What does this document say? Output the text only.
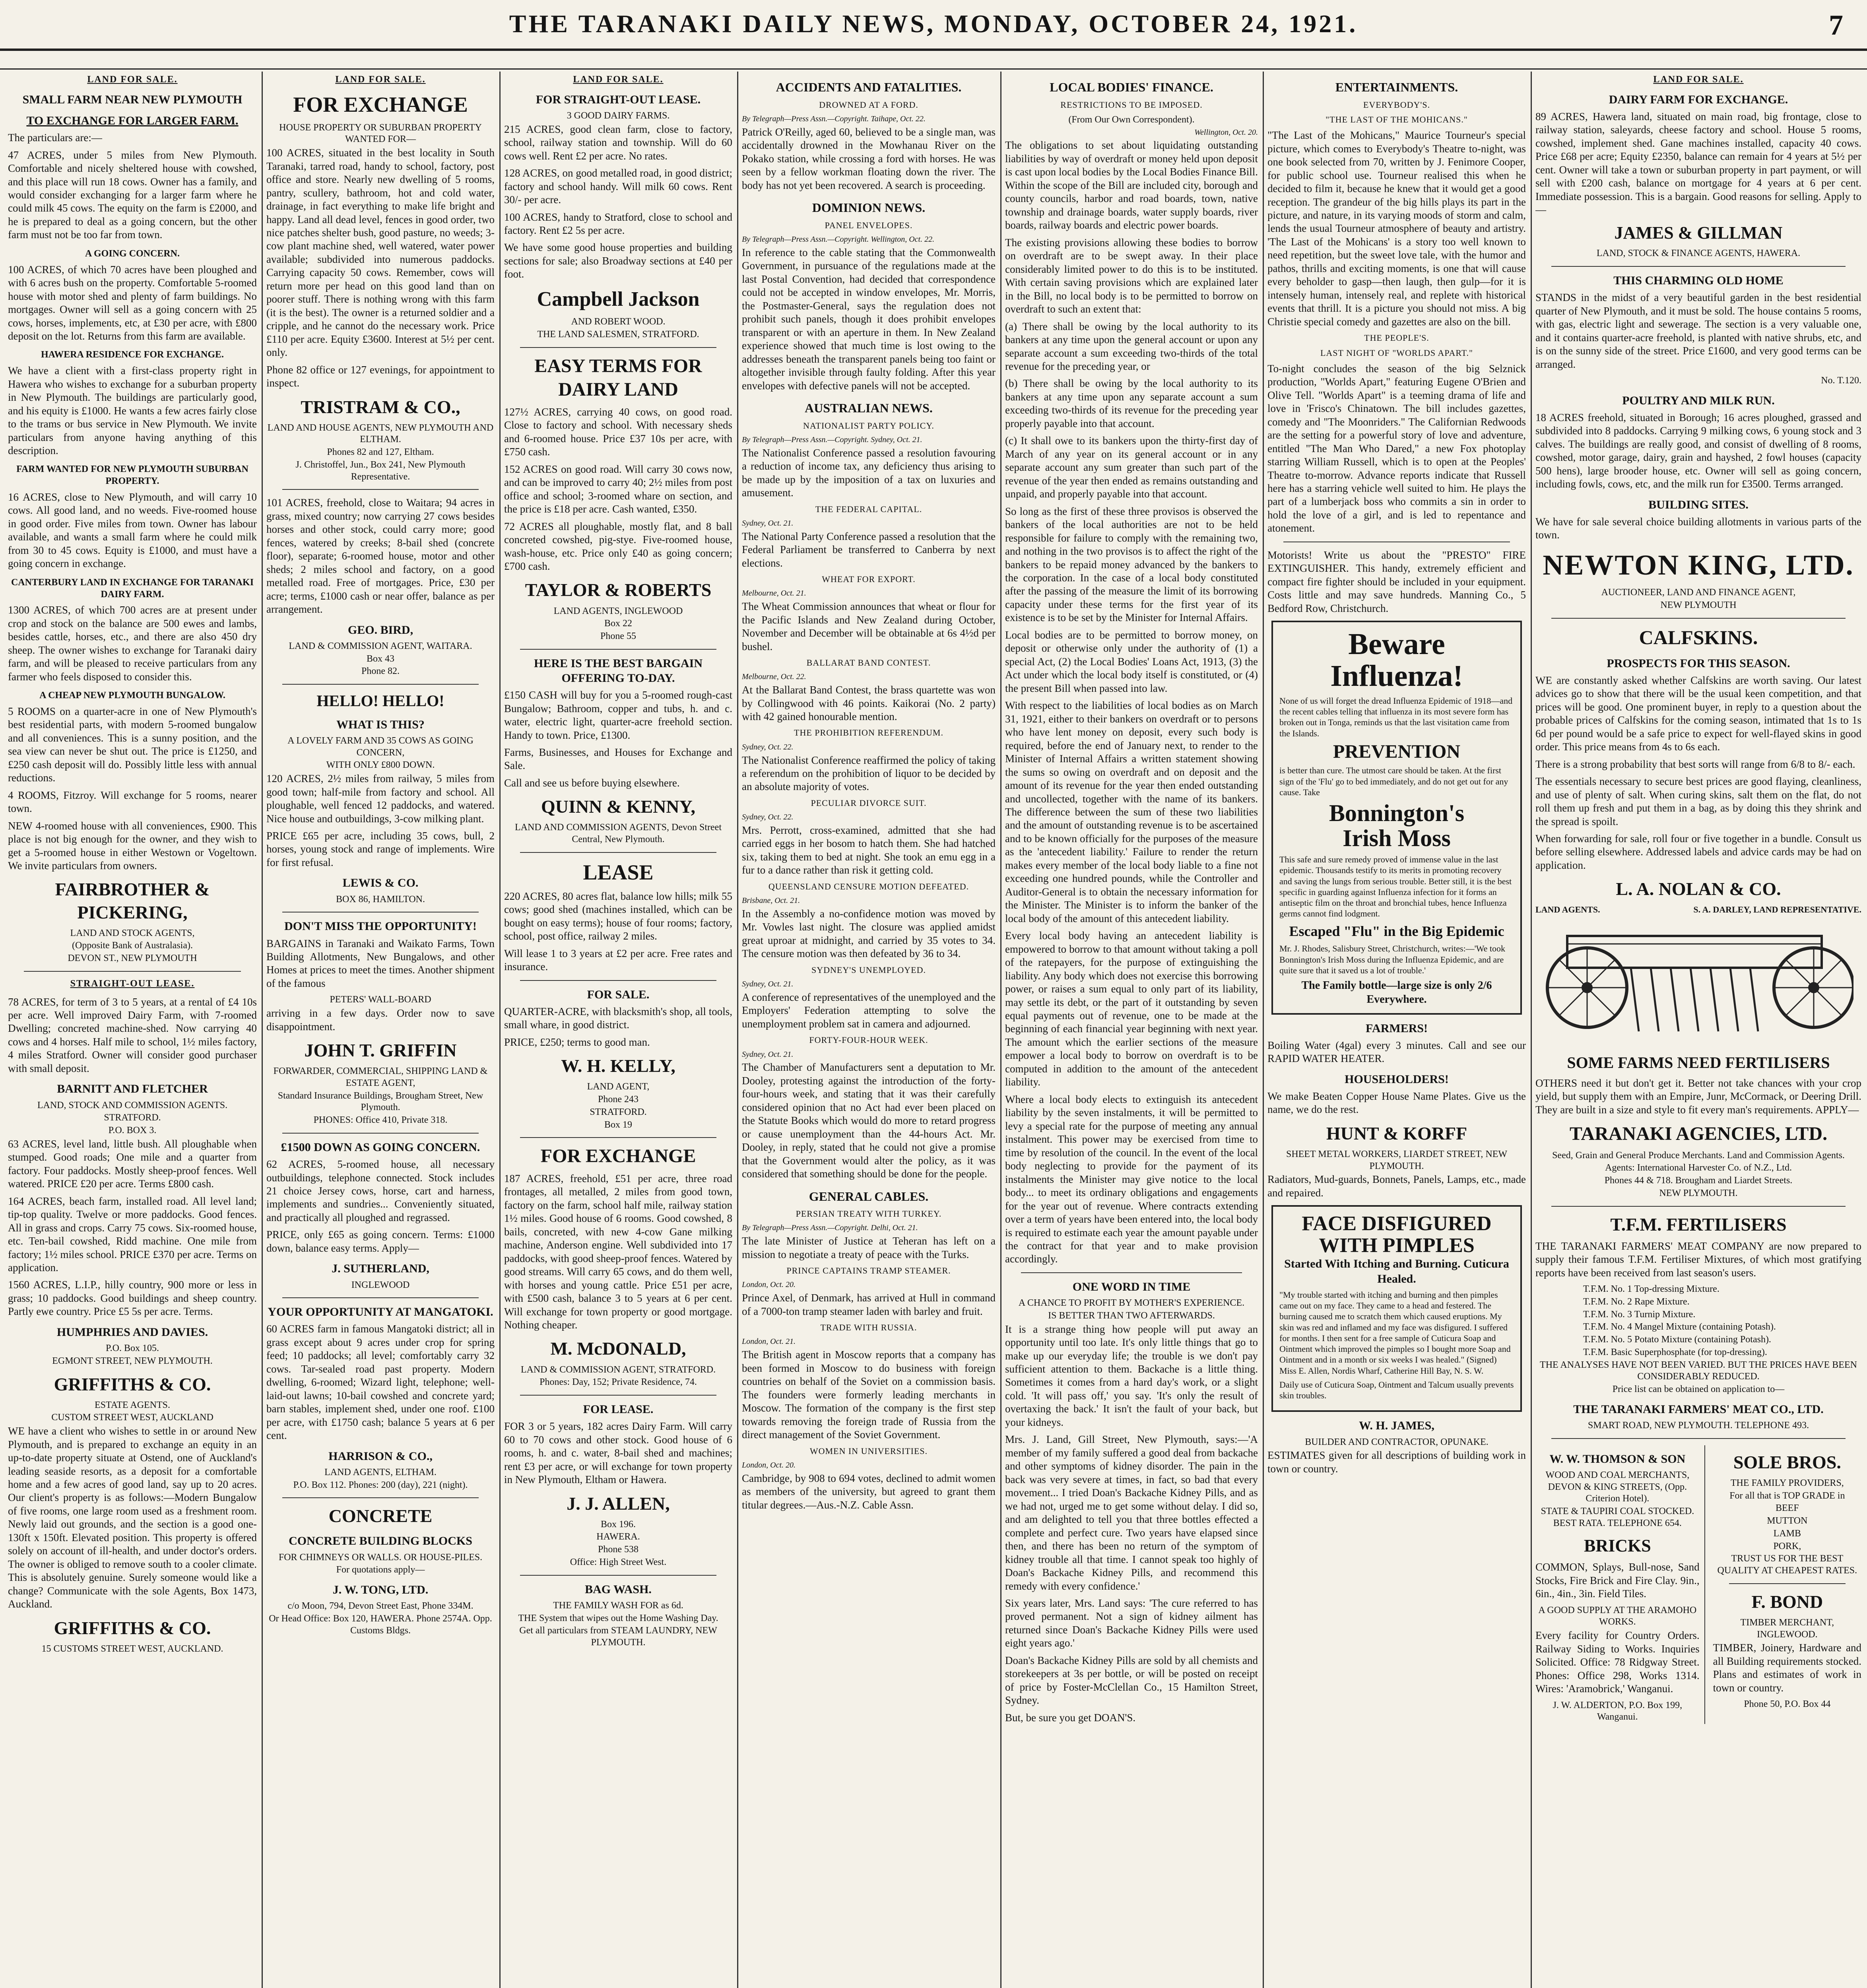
THE TARANAKI DAILY NEWS, MONDAY, OCTOBER 24, 1921.	7
LAND FOR SALE.
SMALL FARM NEAR NEW PLYMOUTH
TO EXCHANGE FOR LARGER FARM.

The particulars are:—

47 ACRES, under 5 miles from New Plymouth. Comfortable and nicely sheltered house with cowshed, and this place will run 18 cows. Owner has a family, and would consider exchanging for a larger farm where he could milk 45 cows. The equity on the farm is £2000, and he is prepared to deal as a going concern, but the other farm must not be too far from town.

A GOING CONCERN.

100 ACRES, of which 70 acres have been ploughed and with 6 acres bush on the property. Comfortable 5-roomed house with motor shed and plenty of farm buildings. No mortgages. Owner will sell as a going concern with 25 cows, horses, implements, etc, at £30 per acre, with £800 deposit on the lot. Returns from this farm are available.

HAWERA RESIDENCE FOR EXCHANGE.

We have a client with a first-class property right in Hawera who wishes to exchange for a suburban property in New Plymouth. The buildings are particularly good, and his equity is £1000. He wants a few acres fairly close to the trams or bus service in New Plymouth. We invite particulars from anyone having anything of this description.

FARM WANTED FOR NEW PLYMOUTH SUBURBAN PROPERTY.

16 ACRES, close to New Plymouth, and will carry 10 cows. All good land, and no weeds. Five-roomed house in good order. Five miles from town. Owner has labour available, and wants a small farm where he could milk from 30 to 45 cows. Equity is £1000, and must have a going concern in exchange.

CANTERBURY LAND IN EXCHANGE FOR TARANAKI DAIRY FARM.

1300 ACRES, of which 700 acres are at present under crop and stock on the balance are 500 ewes and lambs, besides cattle, horses, etc., and there are also 450 dry sheep. The owner wishes to exchange for Taranaki dairy farm, and will be pleased to receive particulars from any farmer who feels disposed to consider this.

A CHEAP NEW PLYMOUTH BUNGALOW.

5 ROOMS on a quarter-acre in one of New Plymouth's best residential parts, with modern 5-roomed bungalow and all conveniences. This is a sunny position, and the sea view can never be shut out. The price is £1250, and £250 cash deposit will do. Possibly little less with annual reductions.

4 ROOMS, Fitzroy. Will exchange for 5 rooms, nearer town.

NEW 4-roomed house with all conveniences, £900. This place is not big enough for the owner, and they wish to get a 5-roomed house in either Westown or Vogeltown. We invite particulars from owners.

FAIRBROTHER & PICKERING,
LAND AND STOCK AGENTS,
(Opposite Bank of Australasia).
DEVON ST., NEW PLYMOUTH
STRAIGHT-OUT LEASE.

78 ACRES, for term of 3 to 5 years, at a rental of £4 10s per acre. Well improved Dairy Farm, with 7-roomed Dwelling; concreted machine-shed. Now carrying 40 cows and 4 horses. Half mile to school, 1½ miles factory, 4 miles Stratford. Owner will consider good purchaser with small deposit.

BARNITT AND FLETCHER
LAND, STOCK AND COMMISSION AGENTS.
STRATFORD.
P.O. BOX 3.

63 ACRES, level land, little bush. All ploughable when stumped. Good roads; One mile and a quarter from factory. Four paddocks. Mostly sheep-proof fences. Well watered. PRICE £20 per acre. Terms £800 cash.

164 ACRES, beach farm, installed road. All level land; tip-top quality. Twelve or more paddocks. Good fences. All in grass and crops. Carry 75 cows. Six-roomed house, etc. Ten-bail cowshed, Ridd machine. One mile from factory; 1½ miles school. PRICE £370 per acre. Terms on application.

1560 ACRES, L.I.P., hilly country, 900 more or less in grass; 10 paddocks. Good buildings and sheep country. Partly ewe country. Price £5 5s per acre. Terms.

HUMPHRIES AND DAVIES.
P.O. Box 105.
EGMONT STREET, NEW PLYMOUTH.
GRIFFITHS & CO.
ESTATE AGENTS.
CUSTOM STREET WEST, AUCKLAND

WE have a client who wishes to settle in or around New Plymouth, and is prepared to exchange an equity in an up-to-date property situate at Ostend, one of Auckland's leading seaside resorts, as a deposit for a comfortable home and a few acres of good land, say up to 20 acres. Our client's property is as follows:—Modern Bungalow of five rooms, one large room used as a freshment room. Newly laid out grounds, and the section is a good one-130ft x 150ft. Elevated position. This property is offered solely on account of ill-health, and under doctor's orders. The owner is obliged to remove south to a cooler climate. This is absolutely genuine. Surely someone would like a change? Communicate with the sole Agents, Box 1473, Auckland.

GRIFFITHS & CO.
15 CUSTOMS STREET WEST, AUCKLAND.
LAND FOR SALE.
FOR EXCHANGE
HOUSE PROPERTY OR SUBURBAN PROPERTY WANTED FOR—

100 ACRES, situated in the best locality in South Taranaki, tarred road, handy to school, factory, post office and store. Nearly new dwelling of 5 rooms, pantry, scullery, bathroom, hot and cold water, drainage, in fact everything to make life bright and happy. Land all dead level, fences in good order, two nice patches shelter bush, good pasture, no weeds; 3-cow plant machine shed, well watered, water power available; subdivided into numerous paddocks. Carrying capacity 50 cows. Remember, cows will return more per head on this good land than on poorer stuff. There is nothing wrong with this farm (it is the best). The owner is a returned soldier and a cripple, and he cannot do the necessary work. Price £110 per acre. Equity £3600. Interest at 5½ per cent. only.

Phone 82 office or 127 evenings, for appointment to inspect.

TRISTRAM & CO.,
LAND AND HOUSE AGENTS, NEW PLYMOUTH AND ELTHAM.
Phones 82 and 127, Eltham.
J. Christoffel, Jun., Box 241, New Plymouth Representative.

101 ACRES, freehold, close to Waitara; 94 acres in grass, mixed country; now carrying 27 cows besides horses and other stock, could carry more; good fences, watered by creeks; 8-bail shed (concrete floor), separate; 6-roomed house, motor and other sheds; 2 miles school and factory, on a good metalled road. Free of mortgages. Price, £30 per acre; terms, £1000 cash or near offer, balance as per arrangement.

GEO. BIRD,
LAND & COMMISSION AGENT, WAITARA.
Box 43
Phone 82.
HELLO! HELLO!
WHAT IS THIS?
A LOVELY FARM AND 35 COWS AS GOING CONCERN,
WITH ONLY £800 DOWN.

120 ACRES, 2½ miles from railway, 5 miles from good town; half-mile from factory and school. All ploughable, well fenced 12 paddocks, and watered. Nice house and outbuildings, 3-cow milking plant.

PRICE £65 per acre, including 35 cows, bull, 2 horses, young stock and range of implements. Wire for first refusal.

LEWIS & CO.
BOX 86, HAMILTON.
DON'T MISS THE OPPORTUNITY!

BARGAINS in Taranaki and Waikato Farms, Town Building Allotments, New Bungalows, and other Homes at prices to meet the times. Another shipment of the famous

PETERS' WALL-BOARD

arriving in a few days. Order now to save disappointment.

JOHN T. GRIFFIN
FORWARDER, COMMERCIAL, SHIPPING LAND & ESTATE AGENT,
Standard Insurance Buildings, Brougham Street, New Plymouth.
PHONES: Office 410, Private 318.
£1500 DOWN AS GOING CONCERN.

62 ACRES, 5-roomed house, all necessary outbuildings, telephone connected. Stock includes 21 choice Jersey cows, horse, cart and harness, implements and sundries... Conveniently situated, and practically all ploughed and regrassed.

PRICE, only £65 as going concern. Terms: £1000 down, balance easy terms. Apply—

J. SUTHERLAND,
INGLEWOOD
YOUR OPPORTUNITY AT MANGATOKI.

60 ACRES farm in famous Mangatoki district; all in grass except about 9 acres under crop for spring feed; 10 paddocks; all level; comfortably carry 32 cows. Tar-sealed road past property. Modern dwelling, 6-roomed; Wizard light, telephone; well-laid-out lawns; 10-bail cowshed and concrete yard; barn stables, implement shed, under one roof. £100 per acre, with £1750 cash; balance 5 years at 6 per cent.

HARRISON & CO.,
LAND AGENTS, ELTHAM.
P.O. Box 112. Phones: 200 (day), 221 (night).
CONCRETE
CONCRETE BUILDING BLOCKS
FOR CHIMNEYS OR WALLS. OR HOUSE-PILES.
For quotations apply—
J. W. TONG, LTD.
c/o Moon, 794, Devon Street East, Phone 334M.
Or Head Office: Box 120, HAWERA. Phone 2574A. Opp. Customs Bldgs.
LAND FOR SALE.
FOR STRAIGHT-OUT LEASE.
3 GOOD DAIRY FARMS.

215 ACRES, good clean farm, close to factory, school, railway station and township. Will do 60 cows well. Rent £2 per acre. No rates.

128 ACRES, on good metalled road, in good district; factory and school handy. Will milk 60 cows. Rent 30/- per acre.

100 ACRES, handy to Stratford, close to school and factory. Rent £2 5s per acre.

We have some good house properties and building sections for sale; also Broadway sections at £40 per foot.

Campbell Jackson
AND ROBERT WOOD.
THE LAND SALESMEN, STRATFORD.
EASY TERMS FOR DAIRY LAND

127½ ACRES, carrying 40 cows, on good road. Close to factory and school. With necessary sheds and 6-roomed house. Price £37 10s per acre, with £750 cash.

152 ACRES on good road. Will carry 30 cows now, and can be improved to carry 40; 2½ miles from post office and school; 3-roomed whare on section, and the price is £18 per acre. Cash wanted, £350.

72 ACRES all ploughable, mostly flat, and 8 ball concreted cowshed, pig-stye. Five-roomed house, wash-house, etc. Price only £40 as going concern; £700 cash.

TAYLOR & ROBERTS
LAND AGENTS, INGLEWOOD
Box 22
Phone 55
HERE IS THE BEST BARGAIN OFFERING TO-DAY.

£150 CASH will buy for you a 5-roomed rough-cast Bungalow; Bathroom, copper and tubs, h. and c. water, electric light, quarter-acre freehold section. Handy to town. Price, £1300.

Farms, Businesses, and Houses for Exchange and Sale.

Call and see us before buying elsewhere.

QUINN & KENNY,
LAND AND COMMISSION AGENTS, Devon Street Central, New Plymouth.
LEASE

220 ACRES, 80 acres flat, balance low hills; milk 55 cows; good shed (machines installed, which can be bought on easy terms); house of four rooms; factory, school, post office, railway 2 miles.

Will lease 1 to 3 years at £2 per acre. Free rates and insurance.

FOR SALE.

QUARTER-ACRE, with blacksmith's shop, all tools, small whare, in good district.

PRICE, £250; terms to good man.

W. H. KELLY,
LAND AGENT,
Phone 243
STRATFORD.
Box 19
FOR EXCHANGE

187 ACRES, freehold, £51 per acre, three road frontages, all metalled, 2 miles from good town, factory on the farm, school half mile, railway station 1½ miles. Good house of 6 rooms. Good cowshed, 8 bails, concreted, with new 4-cow Gane milking machine, Anderson engine. Well subdivided into 17 paddocks, with good sheep-proof fences. Watered by good streams. Will carry 65 cows, and do them well, with horses and young cattle. Price £51 per acre, with £500 cash, balance 3 to 5 years at 6 per cent. Will exchange for town property or good mortgage. Nothing cheaper.

M. McDONALD,
LAND & COMMISSION AGENT, STRATFORD.
Phones: Day, 152; Private Residence, 74.
FOR LEASE.

FOR 3 or 5 years, 182 acres Dairy Farm. Will carry 60 to 70 cows and other stock. Good house of 6 rooms, h. and c. water, 8-bail shed and machines; rent £3 per acre, or will exchange for town property in New Plymouth, Eltham or Hawera.

J. J. ALLEN,
Box 196.
HAWERA.
Phone 538
Office: High Street West.
BAG WASH.
THE FAMILY WASH FOR as 6d.
THE System that wipes out the Home Washing Day.
Get all particulars from STEAM LAUNDRY, NEW PLYMOUTH.
ACCIDENTS AND FATALITIES.
DROWNED AT A FORD.
By Telegraph—Press Assn.—Copyright. Taihape, Oct. 22.

Patrick O'Reilly, aged 60, believed to be a single man, was accidentally drowned in the Mowhanau River on the Pokako station, while crossing a ford with horses. He was seen by a fellow workman floating down the river. The body has not yet been recovered. A search is proceeding.

DOMINION NEWS.
PANEL ENVELOPES.
By Telegraph—Press Assn.—Copyright. Wellington, Oct. 22.

In reference to the cable stating that the Commonwealth Government, in pursuance of the regulations made at the last Postal Convention, had decided that correspondence could not be accepted in window envelopes, Mr. Morris, the Postmaster-General, says the regulation does not prohibit such panels, though it does prohibit envelopes transparent or with an aperture in them. In New Zealand experience showed that much time is lost owing to the addresses beneath the transparent panels being too faint or altogether invisible through faulty folding. After this year envelopes with defective panels will not be accepted.

AUSTRALIAN NEWS.
NATIONALIST PARTY POLICY.
By Telegraph—Press Assn.—Copyright. Sydney, Oct. 21.

The Nationalist Conference passed a resolution favouring a reduction of income tax, any deficiency thus arising to be made up by the imposition of a tax on luxuries and amusement.

THE FEDERAL CAPITAL.
Sydney, Oct. 21.

The National Party Conference passed a resolution that the Federal Parliament be transferred to Canberra by next elections.

WHEAT FOR EXPORT.
Melbourne, Oct. 21.

The Wheat Commission announces that wheat or flour for the Pacific Islands and New Zealand during October, November and December will be obtainable at 6s 4½d per bushel.

BALLARAT BAND CONTEST.
Melbourne, Oct. 22.

At the Ballarat Band Contest, the brass quartette was won by Collingwood with 46 points. Kaikorai (No. 2 party) with 42 gained honourable mention.

THE PROHIBITION REFERENDUM.
Sydney, Oct. 22.

The Nationalist Conference reaffirmed the policy of taking a referendum on the prohibition of liquor to be decided by an absolute majority of votes.

PECULIAR DIVORCE SUIT.
Sydney, Oct. 22.

Mrs. Perrott, cross-examined, admitted that she had carried eggs in her bosom to hatch them. She had hatched six, taking them to bed at night. She took an emu egg in a fur to a dance rather than risk it getting cold.

QUEENSLAND CENSURE MOTION DEFEATED.
Brisbane, Oct. 21.

In the Assembly a no-confidence motion was moved by Mr. Vowles last night. The closure was applied amidst great uproar at midnight, and carried by 35 votes to 34. The censure motion was then defeated by 36 to 34.

SYDNEY'S UNEMPLOYED.
Sydney, Oct. 21.

A conference of representatives of the unemployed and the Employers' Federation attempting to solve the unemployment problem sat in camera and adjourned.

FORTY-FOUR-HOUR WEEK.
Sydney, Oct. 21.

The Chamber of Manufacturers sent a deputation to Mr. Dooley, protesting against the introduction of the forty-four-hours week, and stating that it was their carefully considered opinion that no Act had ever been placed on the Statute Books which would do more to retard progress or cause unemployment than the 44-hours Act. Mr. Dooley, in reply, stated that he could not give a promise that the Government would alter the policy, as it was considered that something should be done for the people.

GENERAL CABLES.
PERSIAN TREATY WITH TURKEY.
By Telegraph—Press Assn.—Copyright. Delhi, Oct. 21.

The late Minister of Justice at Teheran has left on a mission to negotiate a treaty of peace with the Turks.

PRINCE CAPTAINS TRAMP STEAMER.
London, Oct. 20.

Prince Axel, of Denmark, has arrived at Hull in command of a 7000-ton tramp steamer laden with barley and fruit.

TRADE WITH RUSSIA.
London, Oct. 21.

The British agent in Moscow reports that a company has been formed in Moscow to do business with foreign countries on behalf of the Soviet on a commission basis. The founders were formerly leading merchants in Moscow. The formation of the company is the first step towards removing the foreign trade of Russia from the direct management of the Soviet Government.

WOMEN IN UNIVERSITIES.
London, Oct. 20.

Cambridge, by 908 to 694 votes, declined to admit women as members of the university, but agreed to grant them titular degrees.—Aus.-N.Z. Cable Assn.

LOCAL BODIES' FINANCE.
RESTRICTIONS TO BE IMPOSED.
(From Our Own Correspondent).
Wellington, Oct. 20.

The obligations to set about liquidating outstanding liabilities by way of overdraft or money held upon deposit is cast upon local bodies by the Local Bodies Finance Bill. Within the scope of the Bill are included city, borough and county councils, harbor and road boards, town, native township and drainage boards, water supply boards, river boards, railway boards and electric power boards.

The existing provisions allowing these bodies to borrow on overdraft are to be swept away. In their place considerably limited power to do this is to be instituted. With certain saving provisions which are explained later in the Bill, no local body is to be permitted to borrow on overdraft to such an extent that:

(a) There shall be owing by the local authority to its bankers at any time upon the general account or upon any separate account a sum exceeding two-thirds of the total revenue for the preceding year, or

(b) There shall be owing by the local authority to its bankers at any time upon any separate account a sum exceeding two-thirds of its revenue for the preceding year properly payable into that account.

(c) It shall owe to its bankers upon the thirty-first day of March of any year on its general account or in any separate account any sum greater than such part of the revenue of the year then ended as remains outstanding and unpaid, and properly payable into that account.

So long as the first of these three provisos is observed the bankers of the local authorities are not to be held responsible for failure to comply with the remaining two, and nothing in the two provisos is to affect the right of the bankers to be repaid money advanced by the bankers to the corporation. In the case of a local body constituted after the passing of the measure the limit of its borrowing capacity under these terms for the first year of its existence is to be set by the Minister for Internal Affairs.

Local bodies are to be permitted to borrow money, on deposit or otherwise only under the authority of (1) a special Act, (2) the Local Bodies' Loans Act, 1913, (3) the Act under which the local body itself is constituted, or (4) the present Bill when passed into law.

With respect to the liabilities of local bodies as on March 31, 1921, either to their bankers on overdraft or to persons who have lent money on deposit, every such body is required, before the end of January next, to render to the Minister of Internal Affairs a written statement showing the sums so owing on overdraft and on deposit and the amount of its revenue for the year then ended outstanding and uncollected, together with the name of its bankers. The difference between the sum of these two liabilities and the amount of outstanding revenue is to be ascertained and to be known officially for the purposes of the measure as the 'antecedent liability.' Failure to render the return makes every member of the local body liable to a fine not exceeding one hundred pounds, while the Controller and Auditor-General is to obtain the necessary information for the Minister. The Minister is to inform the banker of the local body of the amount of this antecedent liability.

Every local body having an antecedent liability is empowered to borrow to that amount without taking a poll of the ratepayers, for the purpose of extinguishing the liability. Any body which does not exercise this borrowing power, or raises a sum equal to only part of its liability, may settle its debt, or the part of it outstanding by seven equal payments out of revenue, one to be made at the beginning of each financial year beginning with next year. The amount which the earlier sections of the measure empower a local body to borrow on overdraft is to be computed in addition to the amount of the antecedent liability.

Where a local body elects to extinguish its antecedent liability by the seven instalments, it will be permitted to levy a special rate for the purpose of meeting any annual instalment. This power may be exercised from time to time by resolution of the council. In the event of the local body neglecting to provide for the payment of its instalments the Minister may give notice to the local body... to meet its ordinary obligations and engagements for the year out of revenue. Where contracts extending over a term of years have been entered into, the local body is required to estimate each year the amount payable under the contract for that year and to make provision accordingly.

ONE WORD IN TIME
A CHANCE TO PROFIT BY MOTHER'S EXPERIENCE.
IS BETTER THAN TWO AFTERWARDS.

It is a strange thing how people will put away an opportunity until too late. It's only little things that go to make up our everyday life; the trouble is we don't pay sufficient attention to them. Backache is a little thing. Sometimes it comes from a hard day's work, or a slight cold. 'It will pass off,' you say. 'It's only the result of overtaxing the back.' It isn't the fault of your back, but your kidneys.

Mrs. J. Land, Gill Street, New Plymouth, says:—'A member of my family suffered a good deal from backache and other symptoms of kidney disorder. The pain in the back was very severe at times, in fact, so bad that every movement... I tried Doan's Backache Kidney Pills, and as we had not, urged me to get some without delay. I did so, and am delighted to tell you that three bottles effected a complete and perfect cure. Two years have elapsed since then, and there has been no return of the symptom of kidney trouble all that time. I cannot speak too highly of Doan's Backache Kidney Pills, and recommend this remedy with every confidence.'

Six years later, Mrs. Land says: 'The cure referred to has proved permanent. Not a sign of kidney ailment has returned since Doan's Backache Kidney Pills were used eight years ago.'

Doan's Backache Kidney Pills are sold by all chemists and storekeepers at 3s per bottle, or will be posted on receipt of price by Foster-McClellan Co., 15 Hamilton Street, Sydney.

But, be sure you get DOAN'S.

ENTERTAINMENTS.
EVERYBODY'S.
"THE LAST OF THE MOHICANS."

"The Last of the Mohicans," Maurice Tourneur's special picture, which comes to Everybody's Theatre to-night, was one book selected from 70, written by J. Fenimore Cooper, for public school use. Tourneur realised this when he decided to film it, because he knew that it would get a good reception. The grandeur of the big hills plays its part in the picture, and nature, in its varying moods of storm and calm, lends the usual Tourneur atmosphere of beauty and artistry. 'The Last of the Mohicans' is a story too well known to need repetition, but the sweet love tale, with the humor and pathos, thrills and exciting moments, is one that will cause every beholder to gasp—then laugh, then gulp—for it is intensely human, intensely real, and replete with historical events that thrill. It is a picture you should not miss. A big Christie special comedy and gazettes are also on the bill.

THE PEOPLE'S.
LAST NIGHT OF "WORLDS APART."

To-night concludes the season of the big Selznick production, "Worlds Apart," featuring Eugene O'Brien and Olive Tell. "Worlds Apart" is a teeming drama of life and love in 'Frisco's Chinatown. The bill includes gazettes, comedy and "The Moonriders." The Californian Redwoods are the setting for a powerful story of love and adventure, entitled "The Man Who Dared," a new Fox photoplay starring William Russell, which is to open at the Peoples' Theatre to-morrow. Advance reports indicate that Russell here has a starring vehicle well suited to him. He plays the part of a lumberjack boss who commits a sin in order to hold the love of a girl, and is led to repentance and atonement.

Motorists! Write us about the "PRESTO" FIRE EXTINGUISHER. This handy, extremely efficient and compact fire fighter should be included in your equipment. Costs little and may save hundreds. Manning Co., 5 Bedford Row, Christchurch.

Beware
Influenza!
None of us will forget the dread Influenza Epidemic of 1918—and the recent cables telling that influenza in its most severe form has broken out in Tonga, reminds us that the last visitation came from the Islands.
PREVENTION
is better than cure. The utmost care should be taken. At the first sign of the 'Flu' go to bed immediately, and do not get out for any cause. Take
Bonnington's
Irish Moss
This safe and sure remedy proved of immense value in the last epidemic. Thousands testify to its merits in promoting recovery and saving the lungs from serious trouble. Better still, it is the best specific in guarding against Influenza infection for it forms an antiseptic film on the throat and bronchial tubes, hence Influenza germs cannot find lodgment.
Escaped "Flu" in the Big Epidemic
Mr. J. Rhodes, Salisbury Street, Christchurch, writes:—'We took Bonnington's Irish Moss during the Influenza Epidemic, and are quite sure that it saved us a lot of trouble.'
The Family bottle—large size is only 2/6 Everywhere.
FARMERS!

Boiling Water (4gal) every 3 minutes. Call and see our RAPID WATER HEATER.

HOUSEHOLDERS!

We make Beaten Copper House Name Plates. Give us the name, we do the rest.

HUNT & KORFF
SHEET METAL WORKERS, LIARDET STREET, NEW PLYMOUTH.

Radiators, Mud-guards, Bonnets, Panels, Lamps, etc., made and repaired.

FACE DISFIGURED
WITH PIMPLES
Started With Itching and Burning. Cuticura Healed.
"My trouble started with itching and burning and then pimples came out on my face. They came to a head and festered. The burning caused me to scratch them which caused eruptions. My skin was red and inflamed and my face was disfigured. I suffered for months. I then sent for a free sample of Cuticura Soap and Ointment which improved the pimples so I bought more Soap and Ointment and in a month or six weeks I was healed." (Signed) Miss E. Allen, Nordis Wharf, Catherine Hill Bay, N. S. W.
Daily use of Cuticura Soap, Ointment and Talcum usually prevents skin troubles.
W. H. JAMES,
BUILDER AND CONTRACTOR, OPUNAKE.

ESTIMATES given for all descriptions of building work in town or country.

LAND FOR SALE.
DAIRY FARM FOR EXCHANGE.

89 ACRES, Hawera land, situated on main road, big frontage, close to railway station, saleyards, cheese factory and school. House 5 rooms, cowshed, implement shed. Gane machines installed, capacity 40 cows. Price £68 per acre; Equity £2350, balance can remain for 4 years at 5½ per cent. Owner will take a town or suburban property in part payment, or will sell with £200 cash, balance on mortgage for 4 years at 6 per cent. Immediate possession. This is a bargain. Good reasons for selling. Apply to—

JAMES & GILLMAN
LAND, STOCK & FINANCE AGENTS, HAWERA.
THIS CHARMING OLD HOME

STANDS in the midst of a very beautiful garden in the best residential quarter of New Plymouth, and it must be sold. The house contains 5 rooms, with gas, electric light and sewerage. The section is a very valuable one, and it contains quarter-acre freehold, is planted with native shrubs, etc, and is on the sunny side of the street. Price £1600, and very good terms can be arranged.

No. T.120.
POULTRY AND MILK RUN.

18 ACRES freehold, situated in Borough; 16 acres ploughed, grassed and subdivided into 8 paddocks. Carrying 9 milking cows, 6 young stock and 3 calves. The buildings are really good, and consist of dwelling of 8 rooms, cowshed, motor garage, dairy, grain and hayshed, 2 fowl houses (capacity 500 hens), large brooder house, etc. Owner will sell as going concern, including fowls, cows, etc, and the milk run for £3500. Terms arranged.

BUILDING SITES.

We have for sale several choice building allotments in various parts of the town.

NEWTON KING, LTD.
AUCTIONEER, LAND AND FINANCE AGENT,
NEW PLYMOUTH
CALFSKINS.
PROSPECTS FOR THIS SEASON.

WE are constantly asked whether Calfskins are worth saving. Our latest advices go to show that there will be the usual keen competition, and that prices will be good. One prominent buyer, in reply to a question about the probable prices of Calfskins for the coming season, intimated that 1s to 1s 6d per pound would be a safe price to expect for well-flayed skins in good order. This price means from 4s to 6s each.

There is a strong probability that best sorts will range from 6/8 to 8/- each.

The essentials necessary to secure best prices are good flaying, cleanliness, and use of plenty of salt. When curing skins, salt them on the flat, do not roll them up fresh and put them in a bag, as by doing this they shrink and the spread is spoilt.

When forwarding for sale, roll four or five together in a bundle. Consult us before selling elsewhere. Addressed labels and advice cards may be had on application.

L. A. NOLAN & CO.
LAND AGENTS.	S. A. DARLEY, LAND REPRESENTATIVE.
SOME FARMS NEED FERTILISERS

OTHERS need it but don't get it. Better not take chances with your crop yield, but supply them with an Empire, Junr, McCormack, or Deering Drill. They are built in a size and style to fit every man's requirements. APPLY—

TARANAKI AGENCIES, LTD.
Seed, Grain and General Produce Merchants. Land and Commission Agents.
Agents: International Harvester Co. of N.Z., Ltd.
Phones 44 & 718. Brougham and Liardet Streets.
NEW PLYMOUTH.
T.F.M. FERTILISERS

THE TARANAKI FARMERS' MEAT COMPANY are now prepared to supply their famous T.F.M. Fertiliser Mixtures, of which most gratifying reports have been received from last season's users.

T.F.M. No. 1 Top-dressing Mixture.
T.F.M. No. 2 Rape Mixture.
T.F.M. No. 3 Turnip Mixture.
T.F.M. No. 4 Mangel Mixture (containing Potash).
T.F.M. No. 5 Potato Mixture (containing Potash).
T.F.M. Basic Superphosphate (for top-dressing).
THE ANALYSES HAVE NOT BEEN VARIED. BUT THE PRICES HAVE BEEN CONSIDERABLY REDUCED.
Price list can be obtained on application to—
THE TARANAKI FARMERS' MEAT CO., LTD.
SMART ROAD, NEW PLYMOUTH. TELEPHONE 493.
W. W. THOMSON & SON
WOOD AND COAL MERCHANTS, DEVON & KING STREETS, (Opp. Criterion Hotel).
STATE & TAUPIRI COAL STOCKED. BEST RATA. TELEPHONE 654.
BRICKS

COMMON, Splays, Bull-nose, Sand Stocks, Fire Brick and Fire Clay. 9in., 6in., 4in., 3in. Field Tiles.

A GOOD SUPPLY AT THE ARAMOHO WORKS.

Every facility for Country Orders. Railway Siding to Works. Inquiries Solicited. Office: 78 Ridgway Street. Phones: Office 298, Works 1314. Wires: 'Aramobrick,' Wanganui.

J. W. ALDERTON, P.O. Box 199, Wanganui.
SOLE BROS.
THE FAMILY PROVIDERS,
For all that is TOP GRADE in
BEEF
MUTTON
LAMB
PORK,
TRUST US FOR THE BEST QUALITY AT CHEAPEST RATES.
F. BOND
TIMBER MERCHANT, INGLEWOOD.

TIMBER, Joinery, Hardware and all Building requirements stocked. Plans and estimates of work in town or country.

Phone 50, P.O. Box 44
